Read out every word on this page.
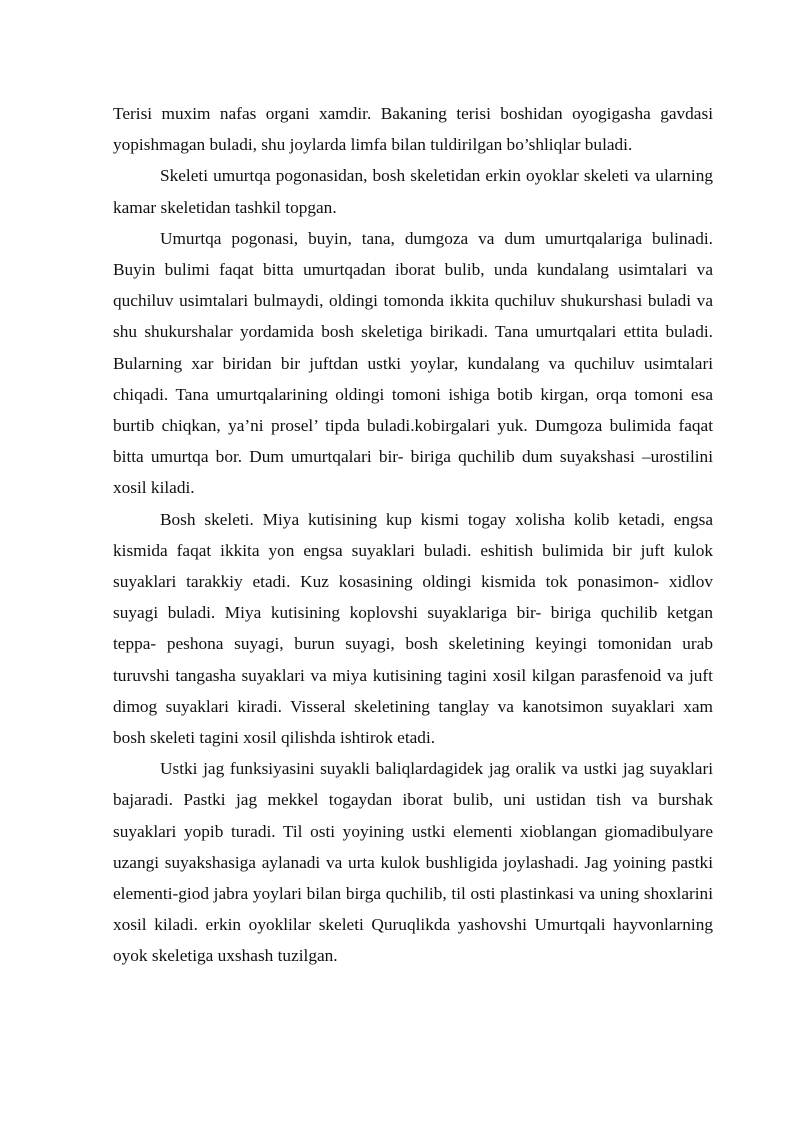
Terisi muxim nafas organi xamdir. Bakaning terisi boshidan oyogigasha gavdasi yopishmagan buladi, shu joylarda limfa bilan tuldirilgan bo’shliqlar buladi.

Skeleti umurtqa pogonasidan, bosh skeletidan erkin oyoklar skeleti va ularning kamar skeletidan tashkil topgan.

Umurtqa pogonasi, buyin, tana, dumgoza va dum umurtqalariga bulinadi. Buyin bulimi faqat bitta umurtqadan iborat bulib, unda kundalang usimtalari va quchiluv usimtalari bulmaydi, oldingi tomonda ikkita quchiluv shukurshasi buladi va shu shukurshalar yordamida bosh skeletiga birikadi. Tana umurtqalari ettita buladi. Bularning xar biridan bir juftdan ustki yoylar, kundalang va quchiluv usimtalari chiqadi. Tana umurtqalarining oldingi tomoni ishiga botib kirgan, orqa tomoni esa burtib chiqkan, ya’ni prosel’ tipda buladi.kobirgalari yuk. Dumgoza bulimida faqat bitta umurtqa bor. Dum umurtqalari bir- biriga quchilib dum suyakshasi –urostilini xosil kiladi.

Bosh skeleti. Miya kutisining kup kismi togay xolisha kolib ketadi, engsa kismida faqat ikkita yon engsa suyaklari buladi. eshitish bulimida bir juft kulok suyaklari tarakkiy etadi. Kuz kosasining oldingi kismida tok ponasimon- xidlov suyagi buladi. Miya kutisining koplovshi suyaklariga bir- biriga quchilib ketgan teppa- peshona suyagi, burun suyagi, bosh skeletining keyingi tomonidan urab turuvshi tangasha suyaklari va miya kutisining tagini xosil kilgan parasfenoid va juft dimog suyaklari kiradi. Visseral skeletining tanglay va kanotsimon suyaklari xam bosh skeleti tagini xosil qilishda ishtirok etadi.

Ustki jag funksiyasini suyakli baliqlardagidek jag oralik va ustki jag suyaklari bajaradi. Pastki jag mekkel togaydan iborat bulib, uni ustidan tish va burshak suyaklari yopib turadi. Til osti yoyining ustki elementi xioblangan giomadibulyare uzangi suyakshasiga aylanadi va urta kulok bushligida joylashadi. Jag yoining pastki elementi-giod jabra yoylari bilan birga quchilib, til osti plastinkasi va uning shoxlarini xosil kiladi. erkin oyoklilar skeleti Quruqlikda yashovshi Umurtqali hayvonlarning oyok skeletiga uxshash tuzilgan.
